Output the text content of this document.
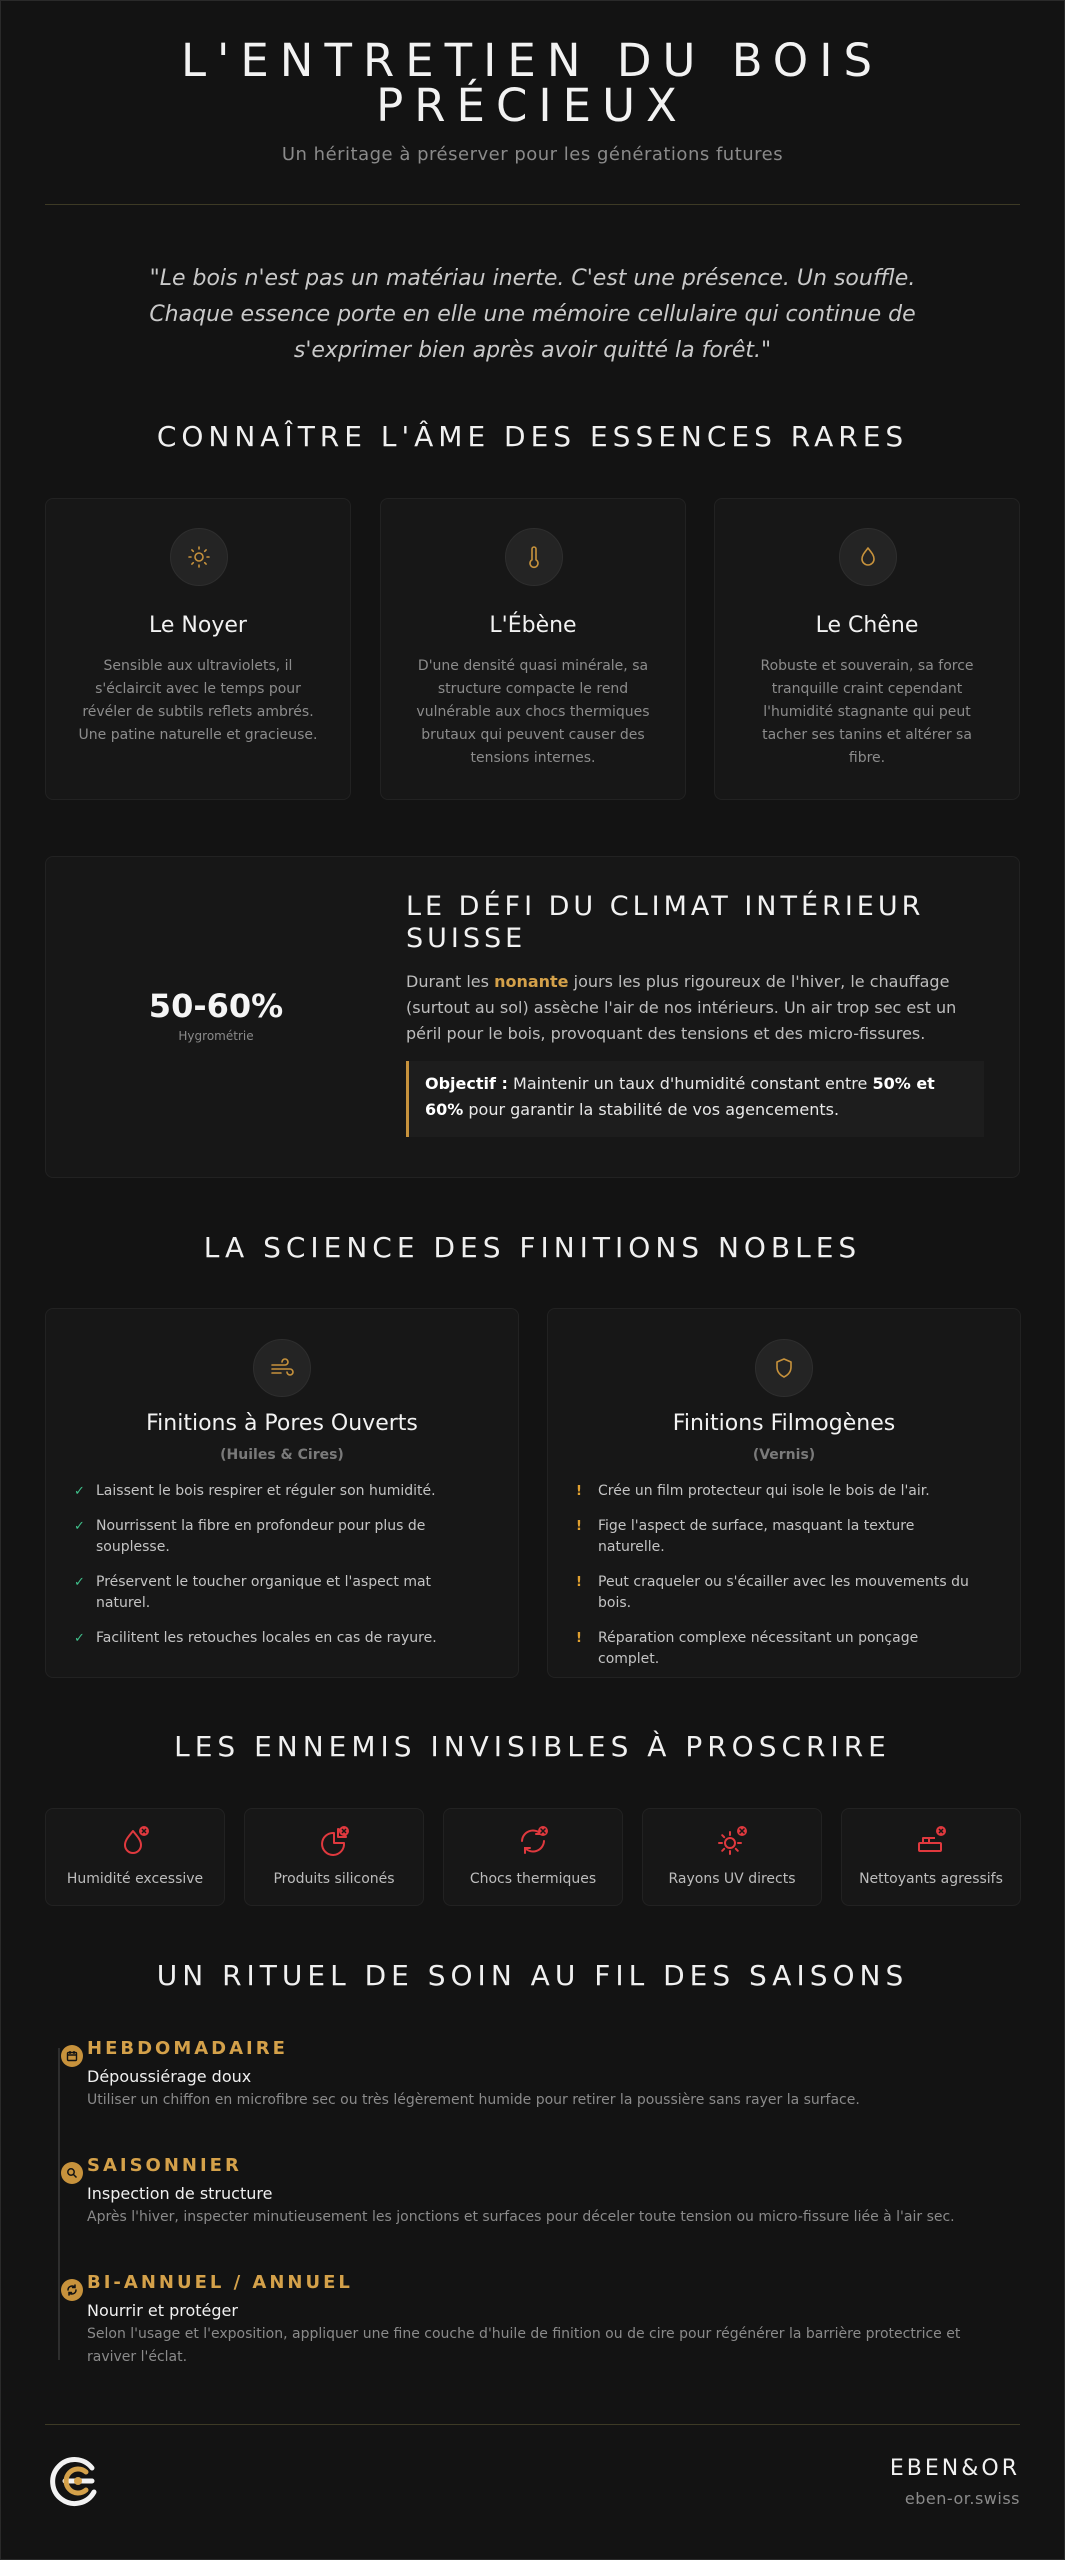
L'ENTRETIEN DU BOIS PRÉCIEUX
Un héritage à préserver pour les générations futures
"Le bois n'est pas un matériau inerte. C'est une présence. Un souffle. Chaque essence porte en elle une mémoire cellulaire qui continue de s'exprimer bien après avoir quitté la forêt."
CONNAÎTRE L'ÂME DES ESSENCES RARES
Le Noyer
Sensible aux ultraviolets, il s'éclaircit avec le temps pour révéler de subtils reflets ambrés. Une patine naturelle et gracieuse.
L'Ébène
D'une densité quasi minérale, sa structure compacte le rend vulnérable aux chocs thermiques brutaux qui peuvent causer des tensions internes.
Le Chêne
Robuste et souverain, sa force tranquille craint cependant l'humidité stagnante qui peut tacher ses tanins et altérer sa fibre.
50-60%
Hygrométrie
LE DÉFI DU CLIMAT INTÉRIEUR SUISSE
Durant les nonante jours les plus rigoureux de l'hiver, le chauffage (surtout au sol) assèche l'air de nos intérieurs. Un air trop sec est un péril pour le bois, provoquant des tensions et des micro-fissures.
Objectif : Maintenir un taux d'humidité constant entre 50% et 60% pour garantir la stabilité de vos agencements.
LA SCIENCE DES FINITIONS NOBLES
Finitions à Pores Ouverts
(Huiles & Cires)
✓ Laissent le bois respirer et réguler son humidité.
✓ Nourrissent la fibre en profondeur pour plus de souplesse.
✓ Préservent le toucher organique et l'aspect mat naturel.
✓ Facilitent les retouches locales en cas de rayure.
Finitions Filmogènes
(Vernis)
! Crée un film protecteur qui isole le bois de l'air.
! Fige l'aspect de surface, masquant la texture naturelle.
! Peut craqueler ou s'écailler avec les mouvements du bois.
! Réparation complexe nécessitant un ponçage complet.
LES ENNEMIS INVISIBLES À PROSCRIRE
Humidité excessive	Produits siliconés	Chocs thermiques	Rayons UV directs	Nettoyants agressifs
UN RITUEL DE SOIN AU FIL DES SAISONS
HEBDOMADAIRE
Dépoussiérage doux
Utiliser un chiffon en microfibre sec ou très légèrement humide pour retirer la poussière sans rayer la surface.
SAISONNIER
Inspection de structure
Après l'hiver, inspecter minutieusement les jonctions et surfaces pour déceler toute tension ou micro-fissure liée à l'air sec.
BI-ANNUEL / ANNUEL
Nourrir et protéger
Selon l'usage et l'exposition, appliquer une fine couche d'huile de finition ou de cire pour régénérer la barrière protectrice et raviver l'éclat.
EBEN&OR
eben-or.swiss
